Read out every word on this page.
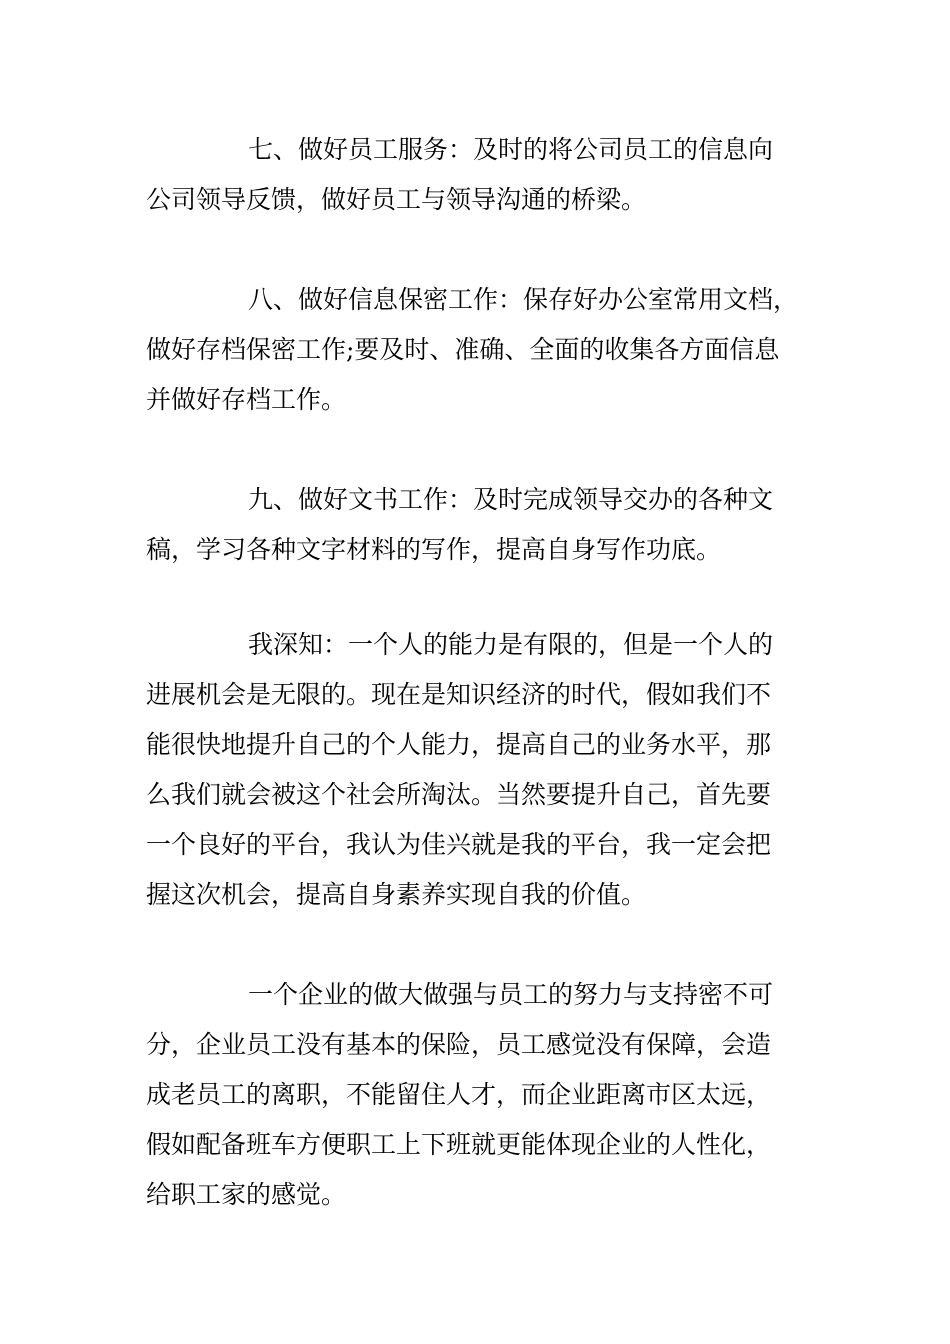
七、做好员工服务：及时的将公司员工的信息向
公司领导反馈，做好员工与领导沟通的桥梁。
八、做好信息保密工作：保存好办公室常用文档，
做好存档保密工作;要及时、准确、全面的收集各方面信息
并做好存档工作。
九、做好文书工作：及时完成领导交办的各种文
稿，学习各种文字材料的写作，提高自身写作功底。
我深知：一个人的能力是有限的，但是一个人的
进展机会是无限的。现在是知识经济的时代，假如我们不
能很快地提升自己的个人能力，提高自己的业务水平，那
么我们就会被这个社会所淘汰。当然要提升自己，首先要
一个良好的平台，我认为佳兴就是我的平台，我一定会把
握这次机会，提高自身素养实现自我的价值。
一个企业的做大做强与员工的努力与支持密不可
分，企业员工没有基本的保险，员工感觉没有保障，会造
成老员工的离职，不能留住人才，而企业距离市区太远，
假如配备班车方便职工上下班就更能体现企业的人性化，
给职工家的感觉。
